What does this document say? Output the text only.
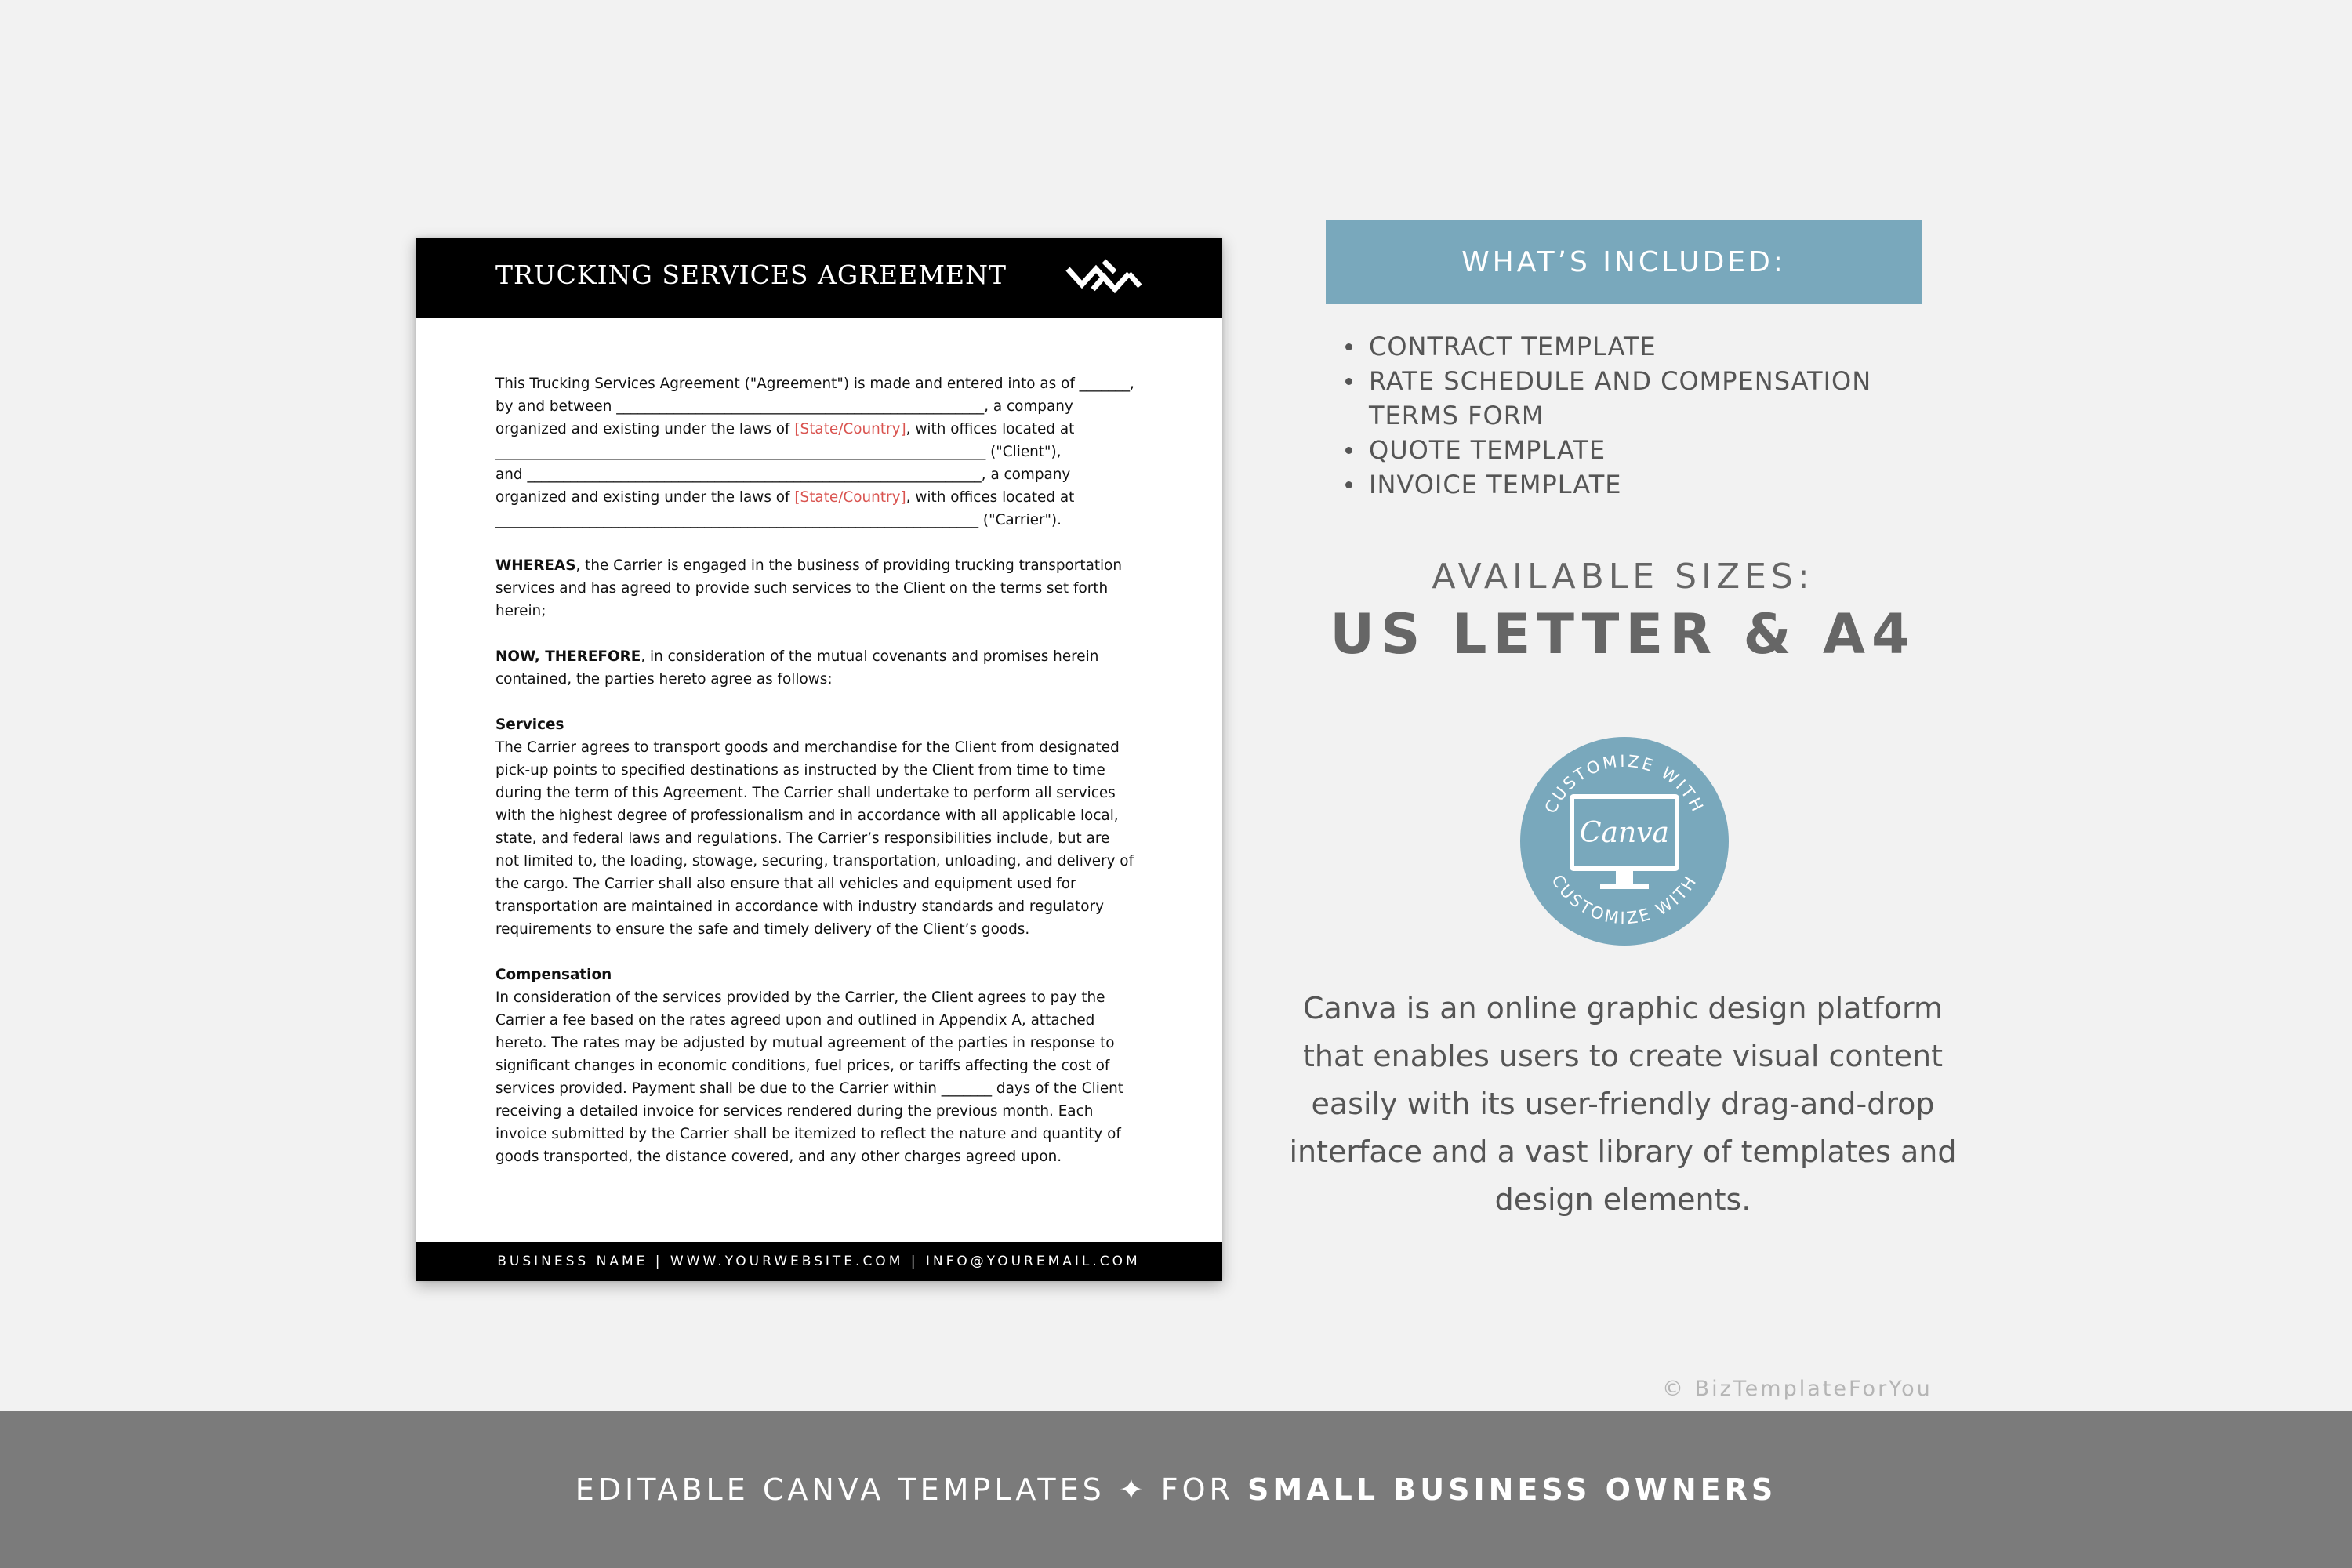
TRUCKING SERVICES AGREEMENT

This Trucking Services Agreement ("Agreement") is made and entered into as of _______,
by and between ___________________________________________________, a company
organized and existing under the laws of [State/Country], with offices located at
____________________________________________________________________ ("Client"),
and _______________________________________________________________, a company
organized and existing under the laws of [State/Country], with offices located at
___________________________________________________________________ ("Carrier").

WHEREAS, the Carrier is engaged in the business of providing trucking transportation
services and has agreed to provide such services to the Client on the terms set forth
herein;

NOW, THEREFORE, in consideration of the mutual covenants and promises herein
contained, the parties hereto agree as follows:

Services
The Carrier agrees to transport goods and merchandise for the Client from designated
pick-up points to specified destinations as instructed by the Client from time to time
during the term of this Agreement. The Carrier shall undertake to perform all services
with the highest degree of professionalism and in accordance with all applicable local,
state, and federal laws and regulations. The Carrier’s responsibilities include, but are
not limited to, the loading, stowage, securing, transportation, unloading, and delivery of
the cargo. The Carrier shall also ensure that all vehicles and equipment used for
transportation are maintained in accordance with industry standards and regulatory
requirements to ensure the safe and timely delivery of the Client’s goods.

Compensation
In consideration of the services provided by the Carrier, the Client agrees to pay the
Carrier a fee based on the rates agreed upon and outlined in Appendix A, attached
hereto. The rates may be adjusted by mutual agreement of the parties in response to
significant changes in economic conditions, fuel prices, or tariffs affecting the cost of
services provided. Payment shall be due to the Carrier within _______ days of the Client
receiving a detailed invoice for services rendered during the previous month. Each
invoice submitted by the Carrier shall be itemized to reflect the nature and quantity of
goods transported, the distance covered, and any other charges agreed upon.

BUSINESS NAME | WWW.YOURWEBSITE.COM | INFO@YOUREMAIL.COM
WHAT’S INCLUDED:
CONTRACT TEMPLATE
RATE SCHEDULE AND COMPENSATION TERMS FORM
QUOTE TEMPLATE
INVOICE TEMPLATE
AVAILABLE SIZES:
US LETTER & A4
CUSTOMIZE WITH
CUSTOMIZE WITH
Canva
Canva is an online graphic design platform that enables users to create visual content easily with its user-friendly drag-and-drop interface and a vast library of templates and design elements.
© BizTemplateForYou
EDITABLE CANVA TEMPLATES ✦ FOR SMALL BUSINESS OWNERS
